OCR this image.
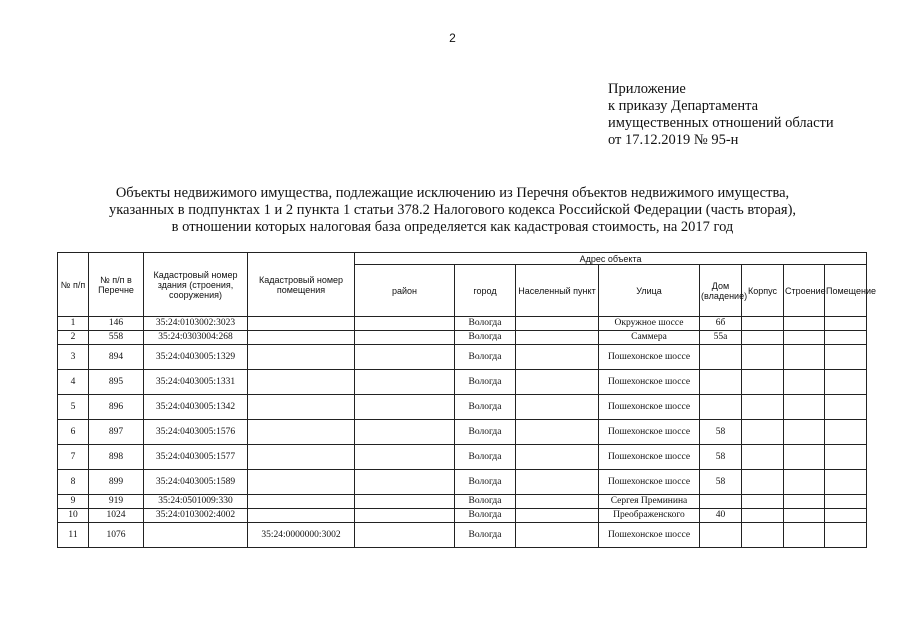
2
Приложение
к приказу Департамента
имущественных отношений области
от 17.12.2019 № 95-н
Объекты недвижимого имущества, подлежащие исключению из Перечня объектов недвижимого имущества,
указанных в подпунктах 1 и 2 пункта 1 статьи 378.2 Налогового кодекса Российской Федерации (часть вторая),
в отношении которых налоговая база определяется как кадастровая стоимость, на 2017 год
№ п/п	№ п/п в Перечне	Кадастровый номер здания (строения, сооружения)	Кадастровый номер помещения	Адрес объекта							
				район	город	Населенный пункт	Улица	Дом (владение)	Корпус	Строение	Помещение
1	146	35:24:0103002:3023			Вологда		Окружное шоссе	6б			
2	558	35:24:0303004:268			Вологда		Саммера	55а			
3	894	35:24:0403005:1329			Вологда		Пошехонское шоссе				
4	895	35:24:0403005:1331			Вологда		Пошехонское шоссе				
5	896	35:24:0403005:1342			Вологда		Пошехонское шоссе				
6	897	35:24:0403005:1576			Вологда		Пошехонское шоссе	58			
7	898	35:24:0403005:1577			Вологда		Пошехонское шоссе	58			
8	899	35:24:0403005:1589			Вологда		Пошехонское шоссе	58			
9	919	35:24:0501009:330			Вологда		Сергея Преминина				
10	1024	35:24:0103002:4002			Вологда		Преображенского	40			
11	1076		35:24:0000000:3002		Вологда		Пошехонское шоссе				
